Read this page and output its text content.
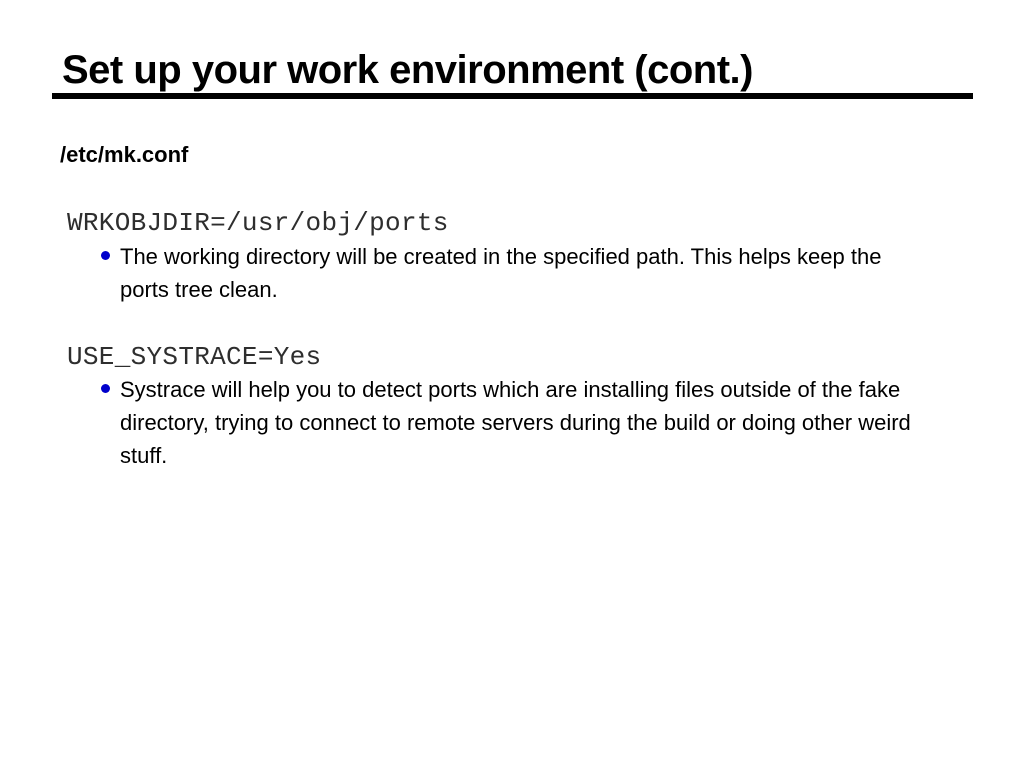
Set up your work environment (cont.)
/etc/mk.conf
WRKOBJDIR=/usr/obj/ports
The working directory will be created in the specified path. This helps keep the ports tree clean.
USE_SYSTRACE=Yes
Systrace will help you to detect ports which are installing files outside of the fake directory, trying to connect to remote servers during the build or doing other weird stuff.
